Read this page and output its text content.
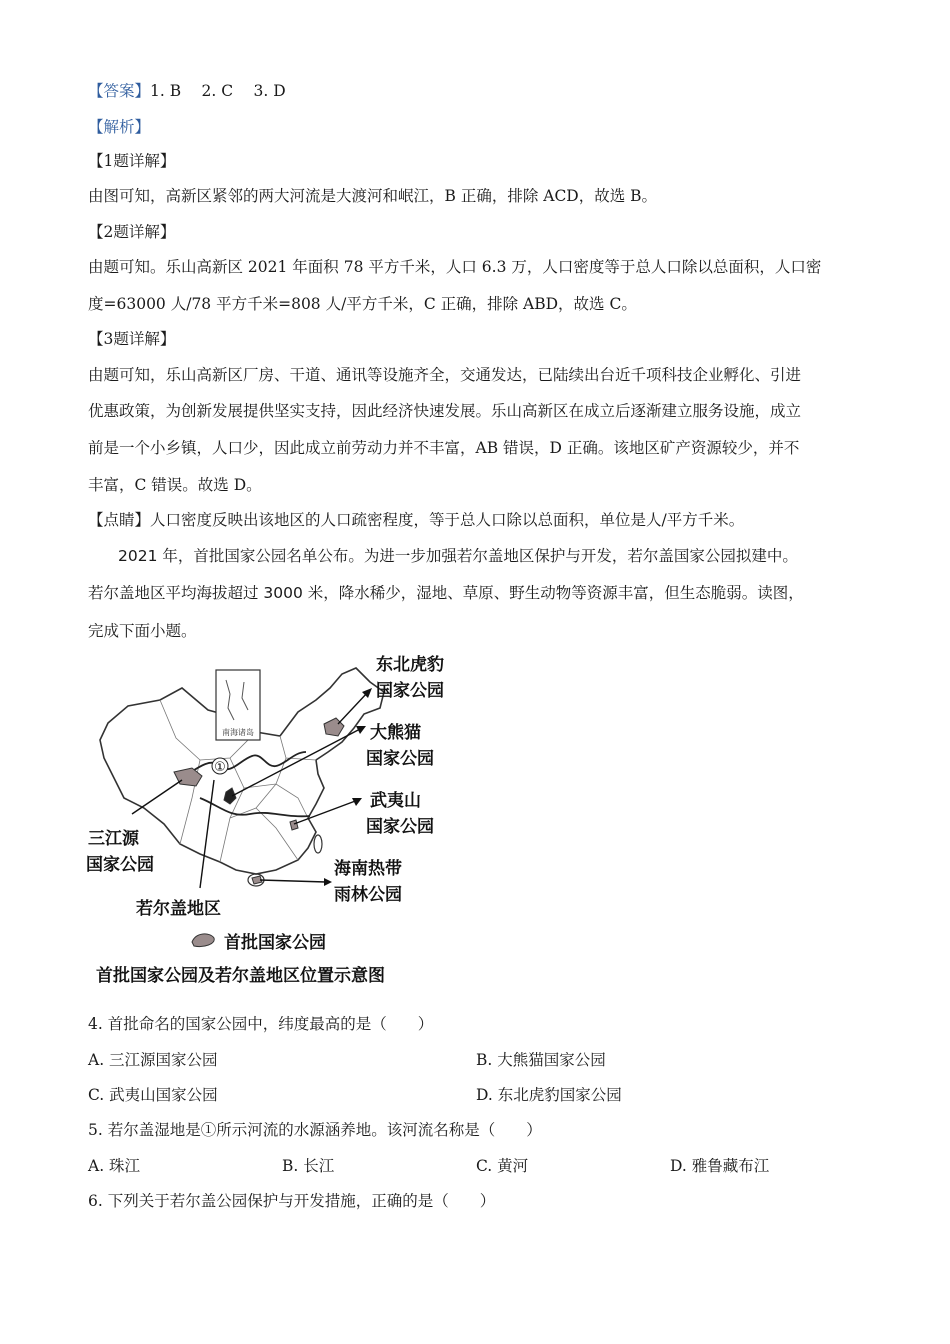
【答案】1. B　 2. C　 3. D
【解析】
【1题详解】
由图可知，高新区紧邻的两大河流是大渡河和岷江，B 正确，排除 ACD，故选 B。
【2题详解】
由题可知。乐山高新区 2021 年面积 78 平方千米，人口 6.3 万，人口密度等于总人口除以总面积，人口密
度=63000 人/78 平方千米=808 人/平方千米，C 正确，排除 ABD，故选 C。
【3题详解】
由题可知，乐山高新区厂房、干道、通讯等设施齐全，交通发达，已陆续出台近千项科技企业孵化、引进
优惠政策，为创新发展提供坚实支持，因此经济快速发展。乐山高新区在成立后逐渐建立服务设施，成立
前是一个小乡镇，人口少，因此成立前劳动力并不丰富，AB 错误，D 正确。该地区矿产资源较少，并不
丰富，C 错误。故选 D。
【点睛】人口密度反映出该地区的人口疏密程度，等于总人口除以总面积，单位是人/平方千米。
2021 年，首批国家公园名单公布。为进一步加强若尔盖地区保护与开发，若尔盖国家公园拟建中。
若尔盖地区平均海拔超过 3000 米，降水稀少，湿地、草原、野生动物等资源丰富，但生态脆弱。读图，
完成下面小题。
南海诸岛
①
东北虎豹
国家公园
大熊猫
国家公园
武夷山
国家公园
海南热带
雨林公园
三江源
国家公园
若尔盖地区
首批国家公园
首批国家公园及若尔盖地区位置示意图
4. 首批命名的国家公园中，纬度最高的是（　　）
A. 三江源国家公园	B. 大熊猫国家公园
C. 武夷山国家公园	D. 东北虎豹国家公园
5. 若尔盖湿地是①所示河流的水源涵养地。该河流名称是（　　）
A. 珠江	B. 长江	C. 黄河	D. 雅鲁藏布江
6. 下列关于若尔盖公园保护与开发措施，正确的是（　　）
